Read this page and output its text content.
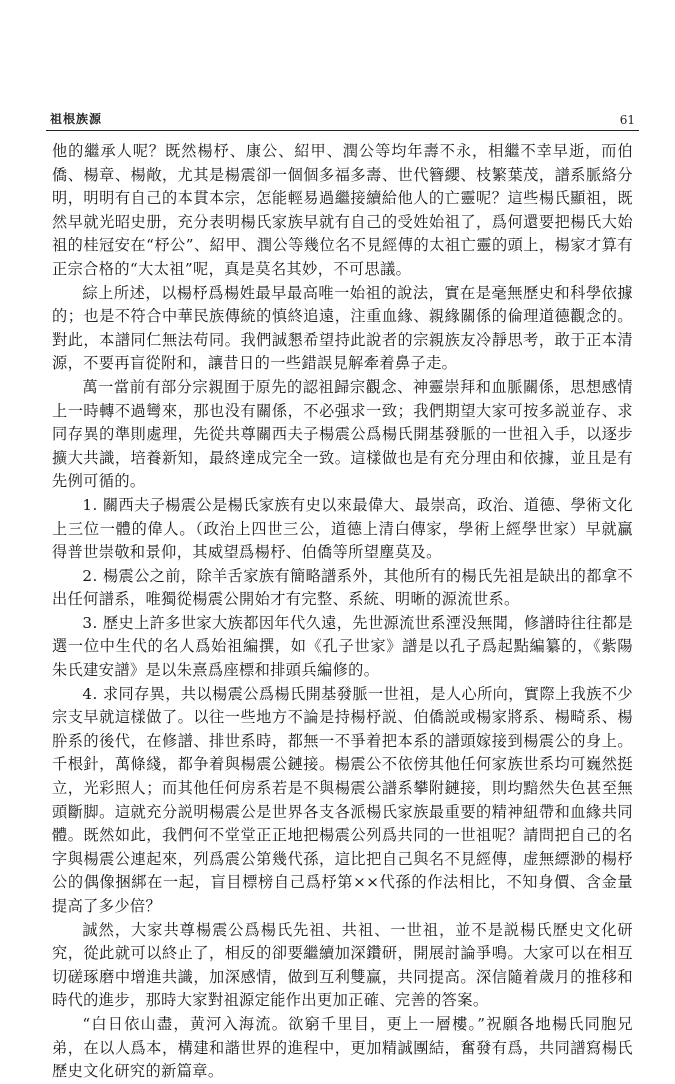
祖根族源	61

他的繼承人呢？既然楊杼、康公、紹甲、潤公等均年壽不永，相繼不幸早逝，而伯僑、楊章、楊敞，尤其是楊震卻一個個多福多壽、世代簪纓、枝繁葉茂，譜系脈絡分明，明明有自己的本貫本宗，怎能輕易過繼接續給他人的亡靈呢？這些楊氏顯祖，既然早就光昭史册，充分表明楊氏家族早就有自己的受姓始祖了，爲何還要把楊氏大始祖的桂冠安在“杼公”、紹甲、潤公等幾位名不見經傳的太祖亡靈的頭上，楊家才算有正宗合格的“大太祖”呢，真是莫名其妙，不可思議。

綜上所述，以楊杼爲楊姓最早最高唯一始祖的說法，實在是毫無歷史和科學依據的；也是不符合中華民族傳統的慎終追遠，注重血緣、親緣關係的倫理道德觀念的。對此，本譜同仁無法苟同。我們誠懇希望持此說者的宗親族友冷靜思考，敢于正本清源，不要再盲從附和，讓昔日的一些錯誤見解牽着鼻子走。

萬一當前有部分宗親囿于原先的認祖歸宗觀念、神靈崇拜和血脈關係，思想感情上一時轉不過彎來，那也没有關係，不必强求一致；我們期望大家可按多説並存、求同存異的準則處理，先從共尊關西夫子楊震公爲楊氏開基發脈的一世祖入手，以逐步擴大共識，培養新知，最終達成完全一致。這樣做也是有充分理由和依據，並且是有先例可循的。

1. 關西夫子楊震公是楊氏家族有史以來最偉大、最崇高，政治、道德、學術文化上三位一體的偉人。（政治上四世三公，道德上清白傳家，學術上經學世家）早就贏得普世崇敬和景仰，其威望爲楊杼、伯僑等所望塵莫及。

2. 楊震公之前，除羊舌家族有簡略譜系外，其他所有的楊氏先祖是缺出的都拿不出任何譜系，唯獨從楊震公開始才有完整、系統、明晰的源流世系。

3. 歷史上許多世家大族都因年代久遠，先世源流世系湮没無聞，修譜時往往都是選一位中生代的名人爲始祖編撰，如《孔子世家》譜是以孔子爲起點編纂的，《紫陽朱氏建安譜》是以朱熹爲座標和排頭兵編修的。

4. 求同存異，共以楊震公爲楊氏開基發脈一世祖，是人心所向，實際上我族不少宗支早就這樣做了。以往一些地方不論是持楊杼説、伯僑説或楊家將系、楊畸系、楊肸系的後代，在修譜、排世系時，都無一不爭着把本系的譜頭嫁接到楊震公的身上。千根針，萬條綫，都争着與楊震公鏈接。楊震公不依傍其他任何家族世系均可巍然挺立，光彩照人；而其他任何房系若是不與楊震公譜系攀附鏈接，則均黯然失色甚至無頭斷脚。這就充分説明楊震公是世界各支各派楊氏家族最重要的精神紐帶和血緣共同體。既然如此，我們何不堂堂正正地把楊震公列爲共同的一世祖呢？請問把自己的名字與楊震公連起來，列爲震公第幾代孫，這比把自己與名不見經傳，虚無縹渺的楊杼公的偶像捆綁在一起，盲目標榜自己爲杼第××代孫的作法相比，不知身價、含金量提高了多少倍？

誠然，大家共尊楊震公爲楊氏先祖、共祖、一世祖，並不是説楊氏歷史文化研究，從此就可以終止了，相反的卻要繼續加深鑽研，開展討論爭鳴。大家可以在相互切磋琢磨中增進共識，加深感情，做到互利雙赢，共同提高。深信隨着歲月的推移和時代的進步，那時大家對祖源定能作出更加正確、完善的答案。

“白日依山盡，黄河入海流。欲窮千里目，更上一層樓。”祝願各地楊氏同胞兄弟，在以人爲本，構建和諧世界的進程中，更加精誠團結，奮發有爲，共同譜寫楊氏歷史文化研究的新篇章。
